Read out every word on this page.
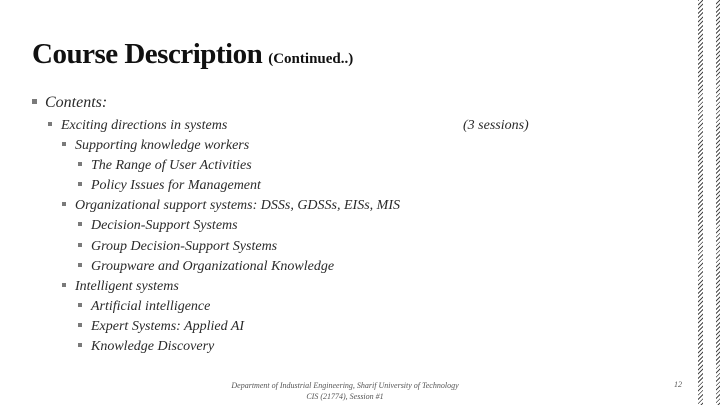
Course Description (Continued..)
Contents:
Exciting directions in systems	(3 sessions)
Supporting knowledge workers
The Range of User Activities
Policy Issues for Management
Organizational support systems: DSSs, GDSSs, EISs, MIS
Decision-Support Systems
Group Decision-Support Systems
Groupware and Organizational Knowledge
Intelligent systems
Artificial intelligence
Expert Systems: Applied AI
Knowledge Discovery
Department of Industrial Engineering, Sharif University of Technology
CIS (21774), Session #1
12
